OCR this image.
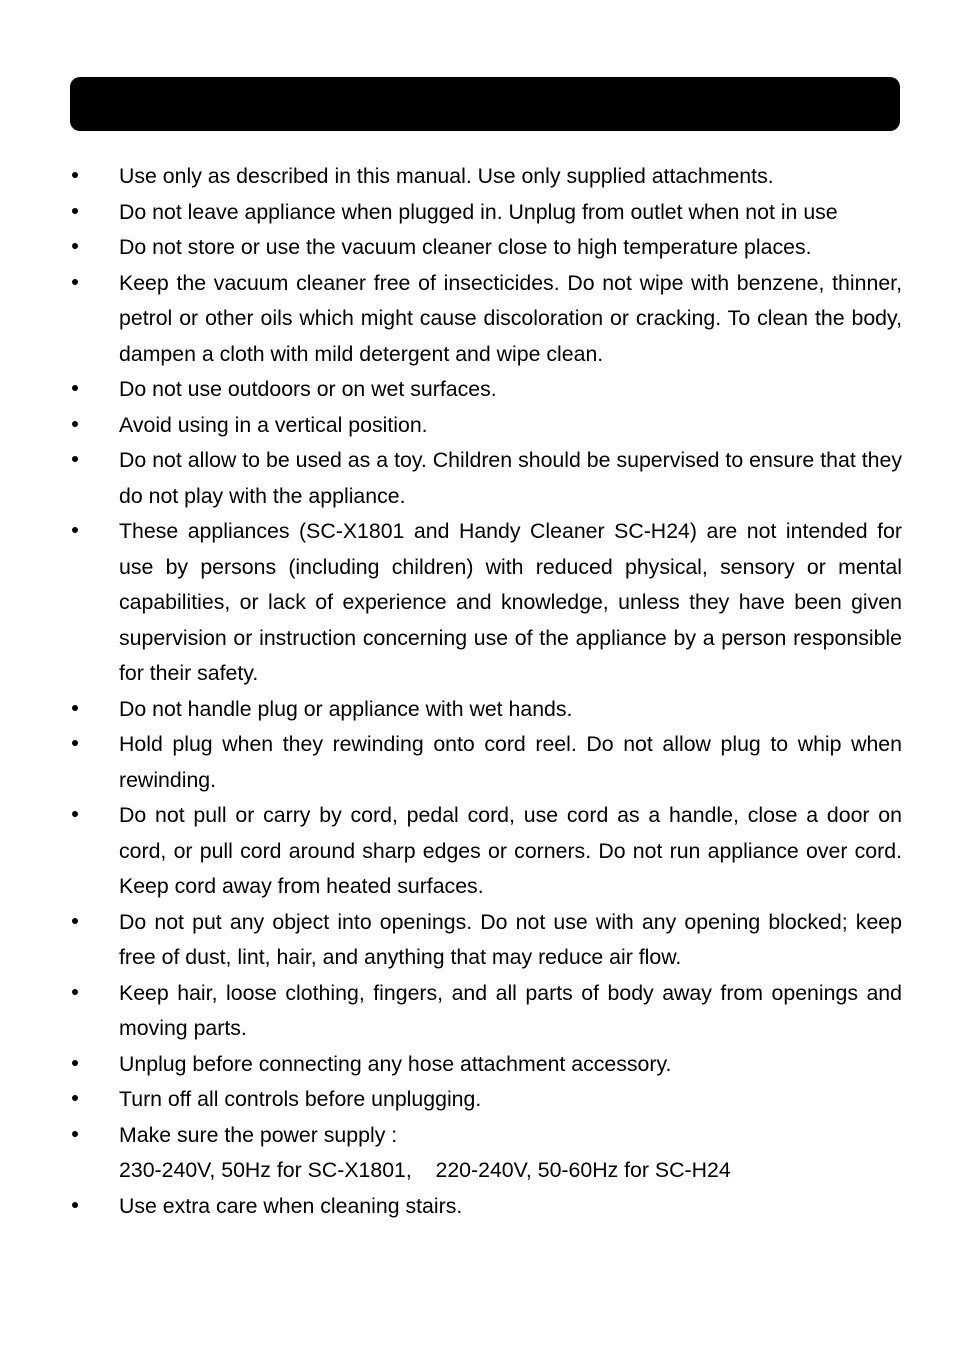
Use only as described in this manual. Use only supplied attachments.

Do not leave appliance when plugged in. Unplug from outlet when not in use

Do not store or use the vacuum cleaner close to high temperature places.

Keep the vacuum cleaner free of insecticides. Do not wipe with benzene, thinner, petrol or other oils which might cause discoloration or cracking. To clean the body, dampen a cloth with mild detergent and wipe clean.

Do not use outdoors or on wet surfaces.

Avoid using in a vertical position.

Do not allow to be used as a toy. Children should be supervised to ensure that they do not play with the appliance.

These appliances (SC-X1801 and Handy Cleaner SC-H24) are not intended for use by persons (including children) with reduced physical, sensory or mental capabilities, or lack of experience and knowledge, unless they have been given supervision or instruction concerning use of the appliance by a person responsible for their safety.

Do not handle plug or appliance with wet hands.

Hold plug when they rewinding onto cord reel. Do not allow plug to whip when rewinding.

Do not pull or carry by cord, pedal cord, use cord as a handle, close a door on cord, or pull cord around sharp edges or corners. Do not run appliance over cord. Keep cord away from heated surfaces.

Do not put any object into openings. Do not use with any opening blocked; keep free of dust, lint, hair, and anything that may reduce air flow.

Keep hair, loose clothing, fingers, and all parts of body away from openings and moving parts.

Unplug before connecting any hose attachment accessory.

Turn off all controls before unplugging.

Make sure the power supply :
230-240V, 50Hz for SC-X1801,    220-240V, 50-60Hz for SC-H24

Use extra care when cleaning stairs.
